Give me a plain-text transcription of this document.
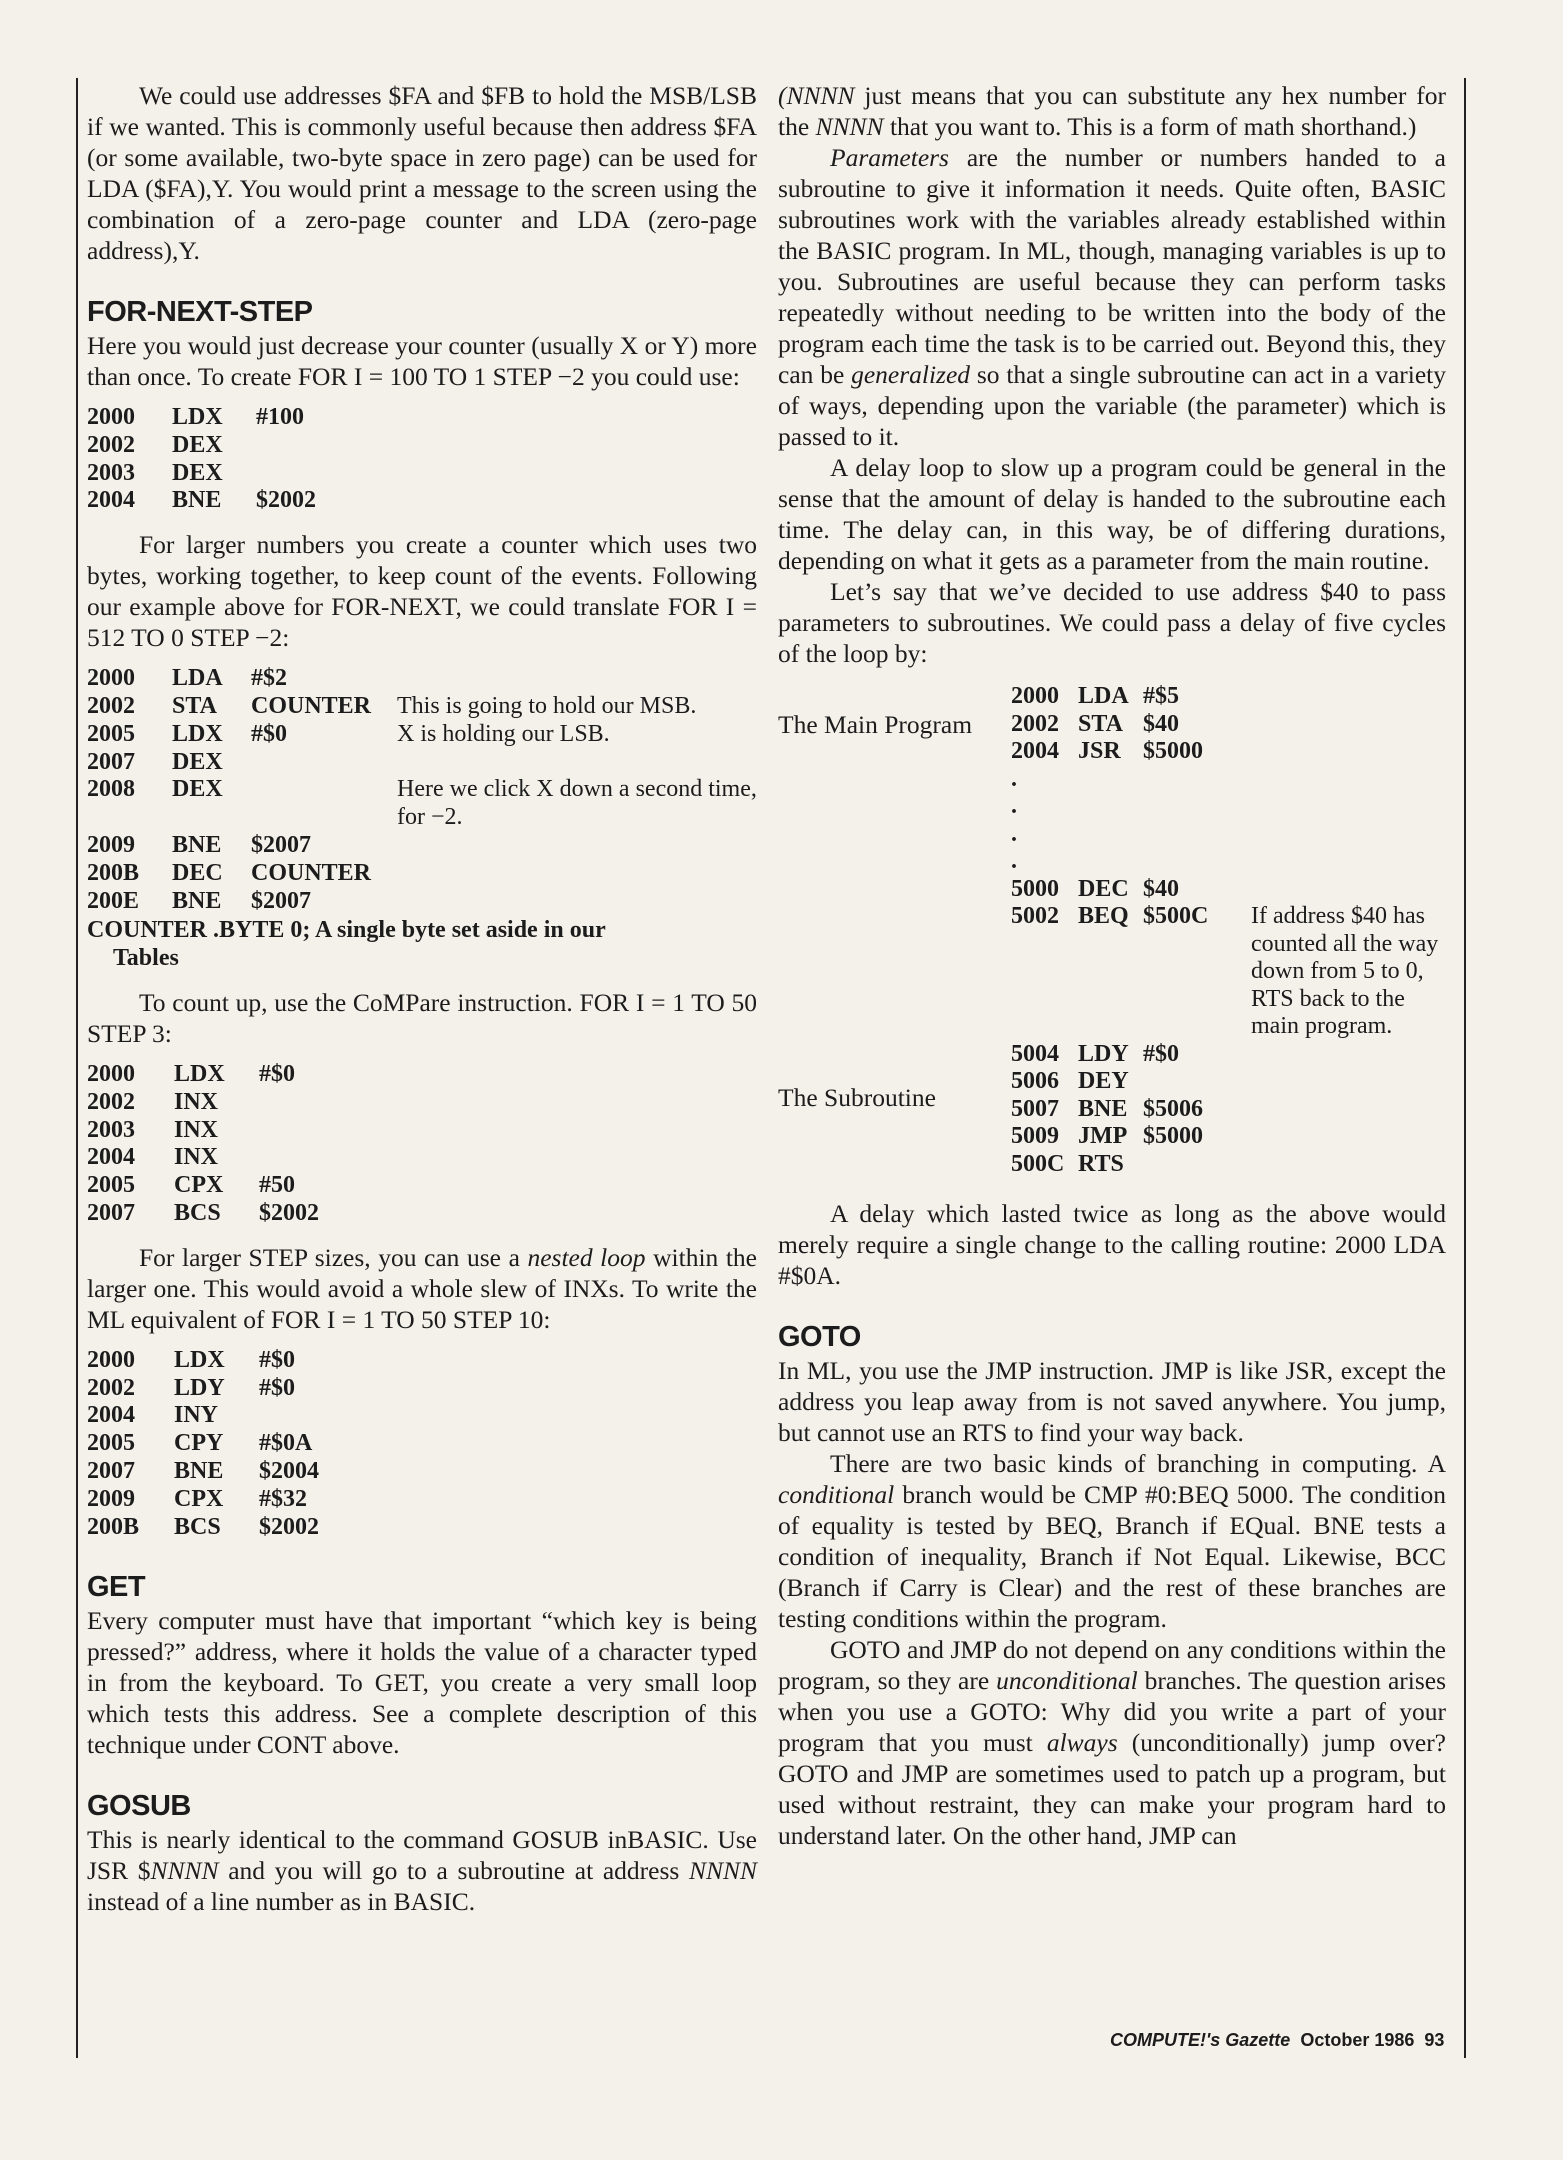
We could use addresses $FA and $FB to hold the MSB/LSB if we wanted. This is commonly useful because then address $FA (or some available, two-byte space in zero page) can be used for LDA ($FA),Y. You would print a message to the screen using the combination of a zero-page counter and LDA (zero-page address),Y.

FOR-NEXT-STEP

Here you would just decrease your counter (usually X or Y) more than once. To create FOR I = 100 TO 1 STEP −2 you could use:

2000	LDX	#100
2002	DEX
2003	DEX
2004	BNE	$2002

For larger numbers you create a counter which uses two bytes, working together, to keep count of the events. Following our example above for FOR-NEXT, we could translate FOR I = 512 TO 0 STEP −2:

2000	LDA	#$2
2002	STA	COUNTER	This is going to hold our MSB.
2005	LDX	#$0	X is holding our LSB.
2007	DEX
2008	DEX	Here we click X down a second time, for −2.
2009	BNE	$2007
200B	DEC	COUNTER
200E	BNE	$2007
COUNTER .BYTE 0; A single byte set aside in our
Tables

To count up, use the CoMPare instruction. FOR I = 1 TO 50 STEP 3:

2000	LDX	#$0
2002	INX
2003	INX
2004	INX
2005	CPX	#50
2007	BCS	$2002

For larger STEP sizes, you can use a nested loop within the larger one. This would avoid a whole slew of INXs. To write the ML equivalent of FOR I = 1 TO 50 STEP 10:

2000	LDX	#$0
2002	LDY	#$0
2004	INY
2005	CPY	#$0A
2007	BNE	$2004
2009	CPX	#$32
200B	BCS	$2002
GET

Every computer must have that important “which key is being pressed?” address, where it holds the value of a character typed in from the keyboard. To GET, you create a very small loop which tests this address. See a complete description of this technique under CONT above.

GOSUB

This is nearly identical to the command GOSUB inBASIC. Use JSR $NNNN and you will go to a subroutine at address NNNN instead of a line number as in BASIC.

(NNNN just means that you can substitute any hex number for the NNNN that you want to. This is a form of math shorthand.)

Parameters are the number or numbers handed to a subroutine to give it information it needs. Quite often, BASIC subroutines work with the variables already established within the BASIC program. In ML, though, managing variables is up to you. Subroutines are useful because they can perform tasks repeatedly without needing to be written into the body of the program each time the task is to be carried out. Beyond this, they can be generalized so that a single subroutine can act in a variety of ways, depending upon the variable (the parameter) which is passed to it.

A delay loop to slow up a program could be general in the sense that the amount of delay is handed to the subroutine each time. The delay can, in this way, be of differing durations, depending on what it gets as a parameter from the main routine.

Let’s say that we’ve decided to use address $40 to pass parameters to subroutines. We could pass a delay of five cycles of the loop by:

The Main Program
2000 LDA #$5
2002 STA $40
2004 JSR $5000
.
.
.
.
The Subroutine
5000 DEC $40
5002 BEQ $500C	If address $40 has counted all the way down from 5 to 0, RTS back to the main program.
5004 LDY #$0
5006 DEY
5007 BNE $5006
5009 JMP $5000
500C RTS

A delay which lasted twice as long as the above would merely require a single change to the calling routine: 2000 LDA #$0A.

GOTO

In ML, you use the JMP instruction. JMP is like JSR, except the address you leap away from is not saved anywhere. You jump, but cannot use an RTS to find your way back.

There are two basic kinds of branching in computing. A conditional branch would be CMP #0:BEQ 5000. The condition of equality is tested by BEQ, Branch if EQual. BNE tests a condition of inequality, Branch if Not Equal. Likewise, BCC (Branch if Carry is Clear) and the rest of these branches are testing conditions within the program.

GOTO and JMP do not depend on any conditions within the program, so they are unconditional branches. The question arises when you use a GOTO: Why did you write a part of your program that you must always (unconditionally) jump over? GOTO and JMP are sometimes used to patch up a program, but used without restraint, they can make your program hard to understand later. On the other hand, JMP can

COMPUTE!'s Gazette October 1986 93
